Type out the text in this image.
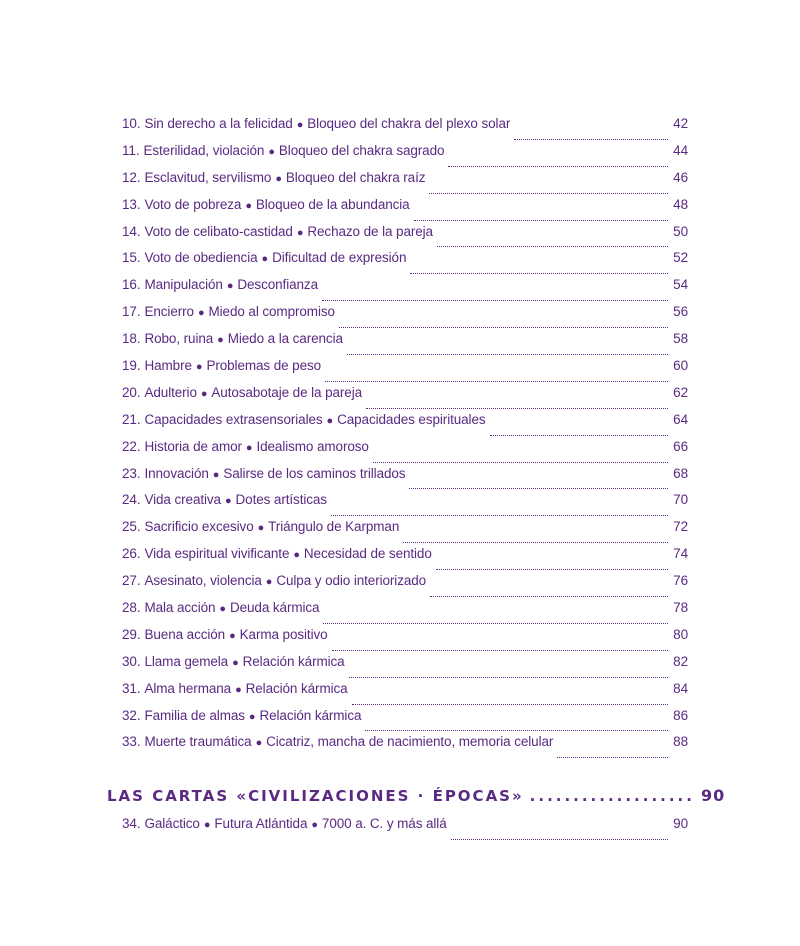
10. Sin derecho a la felicidad ● Bloqueo del chakra del plexo solar	42
11. Esterilidad, violación ● Bloqueo del chakra sagrado	44
12. Esclavitud, servilismo ● Bloqueo del chakra raíz	46
13. Voto de pobreza ● Bloqueo de la abundancia	48
14. Voto de celibato-castidad ● Rechazo de la pareja	50
15. Voto de obediencia ● Dificultad de expresión	52
16. Manipulación ● Desconfianza	54
17. Encierro ● Miedo al compromiso	56
18. Robo, ruina ● Miedo a la carencia	58
19. Hambre ● Problemas de peso	60
20. Adulterio ● Autosabotaje de la pareja	62
21. Capacidades extrasensoriales ● Capacidades espirituales	64
22. Historia de amor ● Idealismo amoroso	66
23. Innovación ● Salirse de los caminos trillados	68
24. Vida creativa ● Dotes artísticas	70
25. Sacrificio excesivo ● Triángulo de Karpman	72
26. Vida espiritual vivificante ● Necesidad de sentido	74
27. Asesinato, violencia ● Culpa y odio interiorizado	76
28. Mala acción ● Deuda kármica	78
29. Buena acción ● Karma positivo	80
30. Llama gemela ● Relación kármica	82
31. Alma hermana ● Relación kármica	84
32. Familia de almas ● Relación kármica	86
33. Muerte traumática ● Cicatriz, mancha de nacimiento, memoria celular	88
LAS CARTAS «CIVILIZACIONES · ÉPOCAS» ................... 90
34. Galáctico ● Futura Atlántida ● 7000 a. C. y más allá	90
